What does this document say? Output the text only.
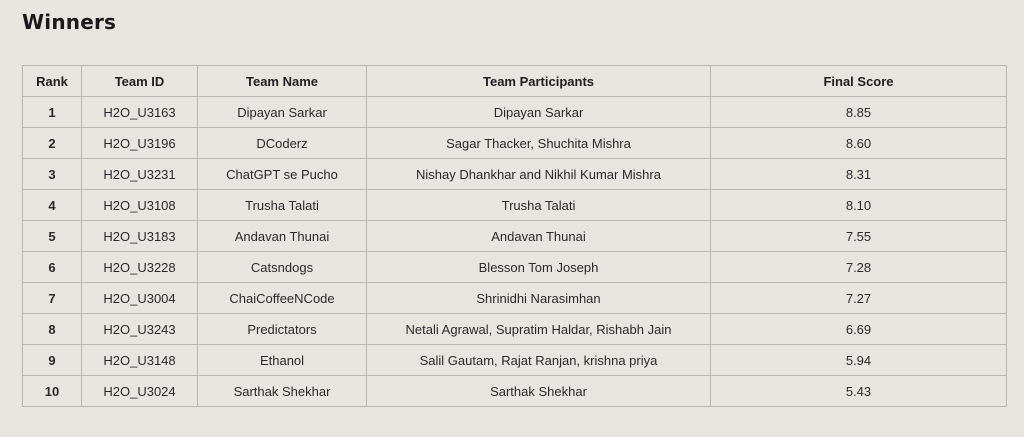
Winners
Rank	Team ID	Team Name	Team Participants	Final Score
1	H2O_U3163	Dipayan Sarkar	Dipayan Sarkar	8.85
2	H2O_U3196	DCoderz	Sagar Thacker, Shuchita Mishra	8.60
3	H2O_U3231	ChatGPT se Pucho	Nishay Dhankhar and Nikhil Kumar Mishra	8.31
4	H2O_U3108	Trusha Talati	Trusha Talati	8.10
5	H2O_U3183	Andavan Thunai	Andavan Thunai	7.55
6	H2O_U3228	Catsndogs	Blesson Tom Joseph	7.28
7	H2O_U3004	ChaiCoffeeNCode	Shrinidhi Narasimhan	7.27
8	H2O_U3243	Predictators	Netali Agrawal, Supratim Haldar, Rishabh Jain	6.69
9	H2O_U3148	Ethanol	Salil Gautam, Rajat Ranjan, krishna priya	5.94
10	H2O_U3024	Sarthak Shekhar	Sarthak Shekhar	5.43
